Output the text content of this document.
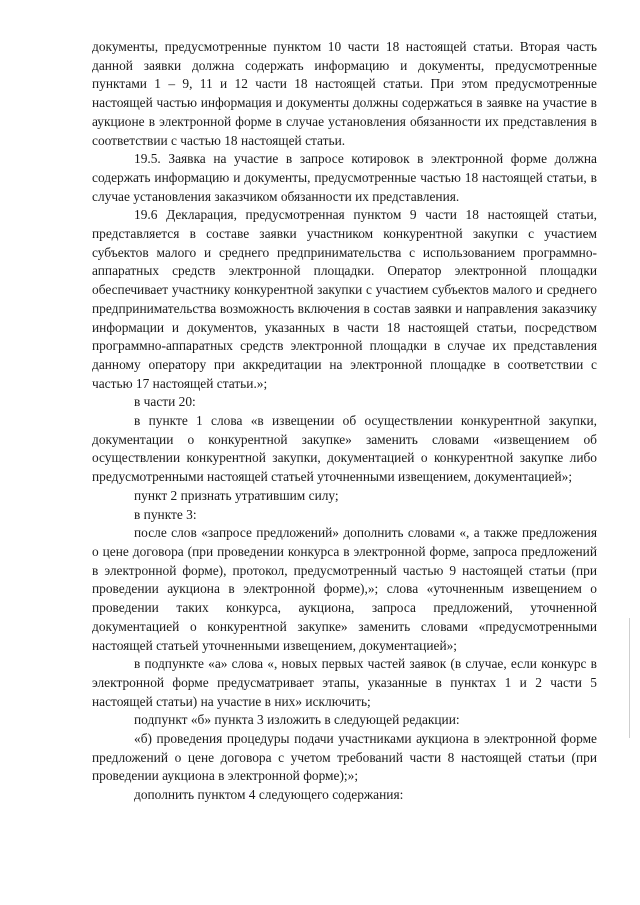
документы, предусмотренные пунктом 10 части 18 настоящей статьи. Вторая часть данной заявки должна содержать информацию и документы, предусмотренные пунктами 1 – 9, 11 и 12 части 18 настоящей статьи. При этом предусмотренные настоящей частью информация и документы должны содержаться в заявке на участие в аукционе в электронной форме в случае установления обязанности их представления в соответствии с частью 18 настоящей статьи.

19.5. Заявка на участие в запросе котировок в электронной форме должна содержать информацию и документы, предусмотренные частью 18 настоящей статьи, в случае установления заказчиком обязанности их представления.

19.6 Декларация, предусмотренная пунктом 9 части 18 настоящей статьи, представляется в составе заявки участником конкурентной закупки с участием субъектов малого и среднего предпринимательства с использованием программно-аппаратных средств электронной площадки. Оператор электронной площадки обеспечивает участнику конкурентной закупки с участием субъектов малого и среднего предпринимательства возможность включения в состав заявки и направления заказчику информации и документов, указанных в части 18 настоящей статьи, посредством программно-аппаратных средств электронной площадки в случае их представления данному оператору при аккредитации на электронной площадке в соответствии с частью 17 настоящей статьи.»;

в части 20:

в пункте 1 слова «в извещении об осуществлении конкурентной закупки, документации о конкурентной закупке» заменить словами «извещением об осуществлении конкурентной закупки, документацией о конкурентной закупке либо предусмотренными настоящей статьей уточненными извещением, документацией»;

пункт 2 признать утратившим силу;

в пункте 3:

после слов «запросе предложений» дополнить словами «, а также предложения о цене договора (при проведении конкурса в электронной форме, запроса предложений в электронной форме), протокол, предусмотренный частью 9 настоящей статьи (при проведении аукциона в электронной форме),»; слова «уточненным извещением о проведении таких конкурса, аукциона, запроса предложений, уточненной документацией о конкурентной закупке» заменить словами «предусмотренными настоящей статьей уточненными извещением, документацией»;

в подпункте «а» слова «, новых первых частей заявок (в случае, если конкурс в электронной форме предусматривает этапы, указанные в пунктах 1 и 2 части 5 настоящей статьи) на участие в них» исключить;

подпункт «б» пункта 3 изложить в следующей редакции:

«б) проведения процедуры подачи участниками аукциона в электронной форме предложений о цене договора с учетом требований части 8 настоящей статьи (при проведении аукциона в электронной форме);»;

дополнить пунктом 4 следующего содержания:
